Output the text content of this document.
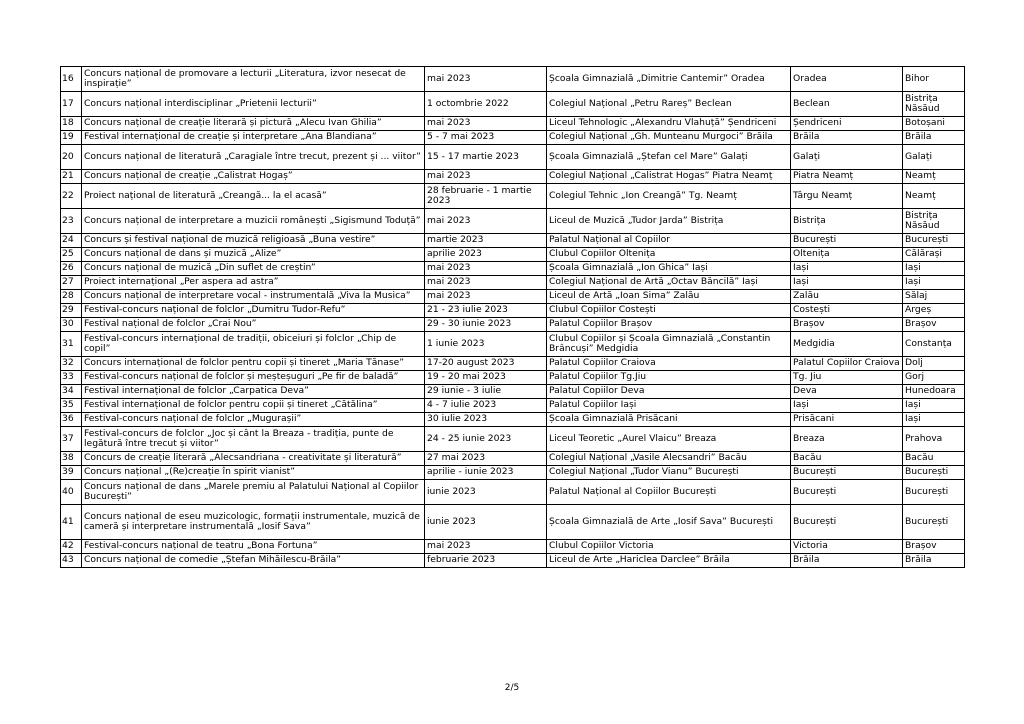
16	Concurs național de promovare a lecturii „Literatura, izvor nesecat de inspirație”	mai 2023	Școala Gimnazială „Dimitrie Cantemir” Oradea	Oradea	Bihor
17	Concurs național interdisciplinar „Prietenii lecturii”	1 octombrie 2022	Colegiul Național „Petru Rareș” Beclean	Beclean	Bistrița Năsăud
18	Concurs național de creație literară și pictură „Alecu Ivan Ghilia”	mai 2023	Liceul Tehnologic „Alexandru Vlahuță” Șendriceni	Șendriceni	Botoșani
19	Festival internațional de creație și interpretare „Ana Blandiana”	5 - 7 mai 2023	Colegiul Național „Gh. Munteanu Murgoci” Brăila	Brăila	Brăila
20	Concurs național de literatură „Caragiale între trecut, prezent și ... viitor”	15 - 17 martie 2023	Școala Gimnazială „Ștefan cel Mare” Galați	Galați	Galați
21	Concurs național de creație „Calistrat Hogaș”	mai 2023	Colegiul Național „Calistrat Hogas” Piatra Neamț	Piatra Neamț	Neamț
22	Proiect național de literatură „Creangă... la el acasă”	28 februarie - 1 martie 2023	Colegiul Tehnic „Ion Creangă” Tg. Neamț	Târgu Neamț	Neamț
23	Concurs național de interpretare a muzicii românești „Sigismund Toduță”	mai 2023	Liceul de Muzică „Tudor Jarda” Bistrița	Bistrița	Bistrița Năsăud
24	Concurs și festival național de muzică religioasă „Buna vestire”	martie 2023	Palatul Național al Copiilor	București	București
25	Concurs național de dans și muzică „Alize”	aprilie 2023	Clubul Copiilor Oltenița	Oltenița	Călărași
26	Concurs național de muzică „Din suflet de creștin”	mai 2023	Școala Gimnazială „Ion Ghica” Iași	Iași	Iași
27	Proiect internațional „Per aspera ad astra”	mai 2023	Colegiul Național de Artă „Octav Băncilă” Iași	Iași	Iași
28	Concurs național de interpretare vocal - instrumentală „Viva la Musica”	mai 2023	Liceul de Artă „Ioan Sima” Zalău	Zalău	Sălaj
29	Festival-concurs național de folclor „Dumitru Tudor-Refu”	21 - 23 iulie 2023	Clubul Copiilor Costești	Costești	Argeș
30	Festival național de folclor „Crai Nou”	29 - 30 iunie 2023	Palatul Copiilor Brașov	Brașov	Brașov
31	Festival-concurs internațional de tradiții, obiceiuri și folclor „Chip de copil”	1 iunie 2023	Clubul Copiilor și Școala Gimnazială „Constantin Brâncuși” Medgidia	Medgidia	Constanța
32	Concurs internațional de folclor pentru copii și tineret „Maria Tănase”	17-20 august 2023	Palatul Copiilor Craiova	Palatul Copiilor Craiova	Dolj
33	Festival-concurs național de folclor și meșteșuguri „Pe fir de baladă”	19 - 20 mai 2023	Palatul Copiilor Tg.Jiu	Tg. Jiu	Gorj
34	Festival internațional de folclor „Carpatica Deva”	29 iunie - 3 iulie	Palatul Copiilor Deva	Deva	Hunedoara
35	Festival internațional de folclor pentru copii și tineret „Cătălina”	4 - 7 iulie 2023	Palatul Copiilor Iași	Iași	Iași
36	Festival-concurs național de folclor „Mugurașii”	30 iulie 2023	Școala Gimnazială Prisăcani	Prisăcani	Iași
37	Festival-concurs de folclor „Joc și cânt la Breaza - tradiția, punte de legătură între trecut și viitor”	24 - 25 iunie 2023	Liceul Teoretic „Aurel Vlaicu” Breaza	Breaza	Prahova
38	Concurs de creație literară „Alecsandriana - creativitate și literatură”	27 mai 2023	Colegiul Național „Vasile Alecsandri” Bacău	Bacău	Bacău
39	Concurs național „(Re)creație în spirit vianist”	aprilie - iunie 2023	Colegiul Național „Tudor Vianu” București	București	București
40	Concurs național de dans „Marele premiu al Palatului Național al Copiilor București”	iunie 2023	Palatul Național al Copiilor București	București	București
41	Concurs național de eseu muzicologic, formații instrumentale, muzică de cameră și interpretare instrumentală „Iosif Sava”	iunie 2023	Școala Gimnazială de Arte „Iosif Sava” București	București	București
42	Festival-concurs național de teatru „Bona Fortuna”	mai 2023	Clubul Copiilor Victoria	Victoria	Brașov
43	Concurs național de comedie „Ștefan Mihăilescu-Brăila”	februarie 2023	Liceul de Arte „Hariclea Darclee” Brăila	Brăila	Brăila
2/5
